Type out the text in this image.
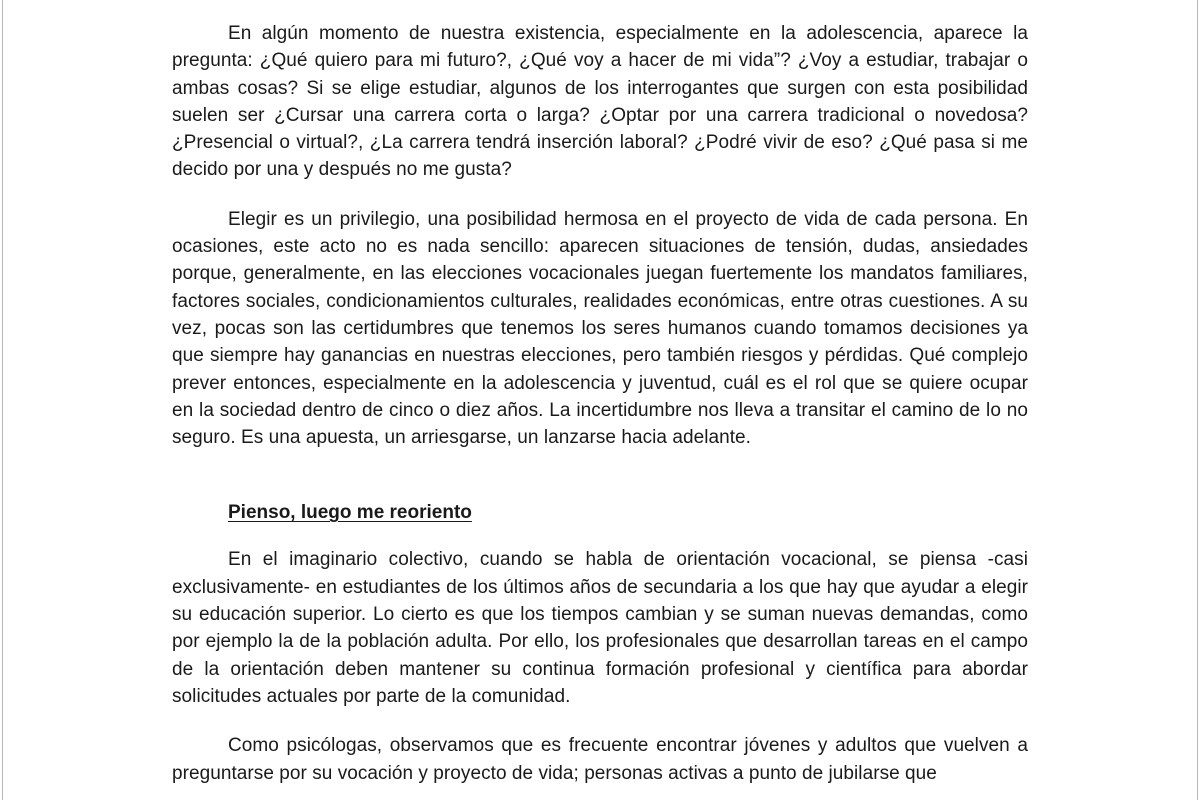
En algún momento de nuestra existencia, especialmente en la adolescencia, aparece la pregunta: ¿Qué quiero para mi futuro?, ¿Qué voy a hacer de mi vida”? ¿Voy a estudiar, trabajar o ambas cosas? Si se elige estudiar, algunos de los interrogantes que surgen con esta posibilidad suelen ser ¿Cursar una carrera corta o larga? ¿Optar por una carrera tradicional o novedosa? ¿Presencial o virtual?, ¿La carrera tendrá inserción laboral? ¿Podré vivir de eso? ¿Qué pasa si me decido por una y después no me gusta?

Elegir es un privilegio, una posibilidad hermosa en el proyecto de vida de cada persona. En ocasiones, este acto no es nada sencillo: aparecen situaciones de tensión, dudas, ansiedades porque, generalmente, en las elecciones vocacionales juegan fuertemente los mandatos familiares, factores sociales, condicionamientos culturales, realidades económicas, entre otras cuestiones. A su vez, pocas son las certidumbres que tenemos los seres humanos cuando tomamos decisiones ya que siempre hay ganancias en nuestras elecciones, pero también riesgos y pérdidas. Qué complejo prever entonces, especialmente en la adolescencia y juventud, cuál es el rol que se quiere ocupar en la sociedad dentro de cinco o diez años. La incertidumbre nos lleva a transitar el camino de lo no seguro. Es una apuesta, un arriesgarse, un lanzarse hacia adelante.

Pienso, luego me reoriento

En el imaginario colectivo, cuando se habla de orientación vocacional, se piensa -casi exclusivamente- en estudiantes de los últimos años de secundaria a los que hay que ayudar a elegir su educación superior. Lo cierto es que los tiempos cambian y se suman nuevas demandas, como por ejemplo la de la población adulta. Por ello, los profesionales que desarrollan tareas en el campo de la orientación deben mantener su continua formación profesional y científica para abordar solicitudes actuales por parte de la comunidad.

Como psicólogas, observamos que es frecuente encontrar jóvenes y adultos que vuelven a preguntarse por su vocación y proyecto de vida; personas activas a punto de jubilarse que
